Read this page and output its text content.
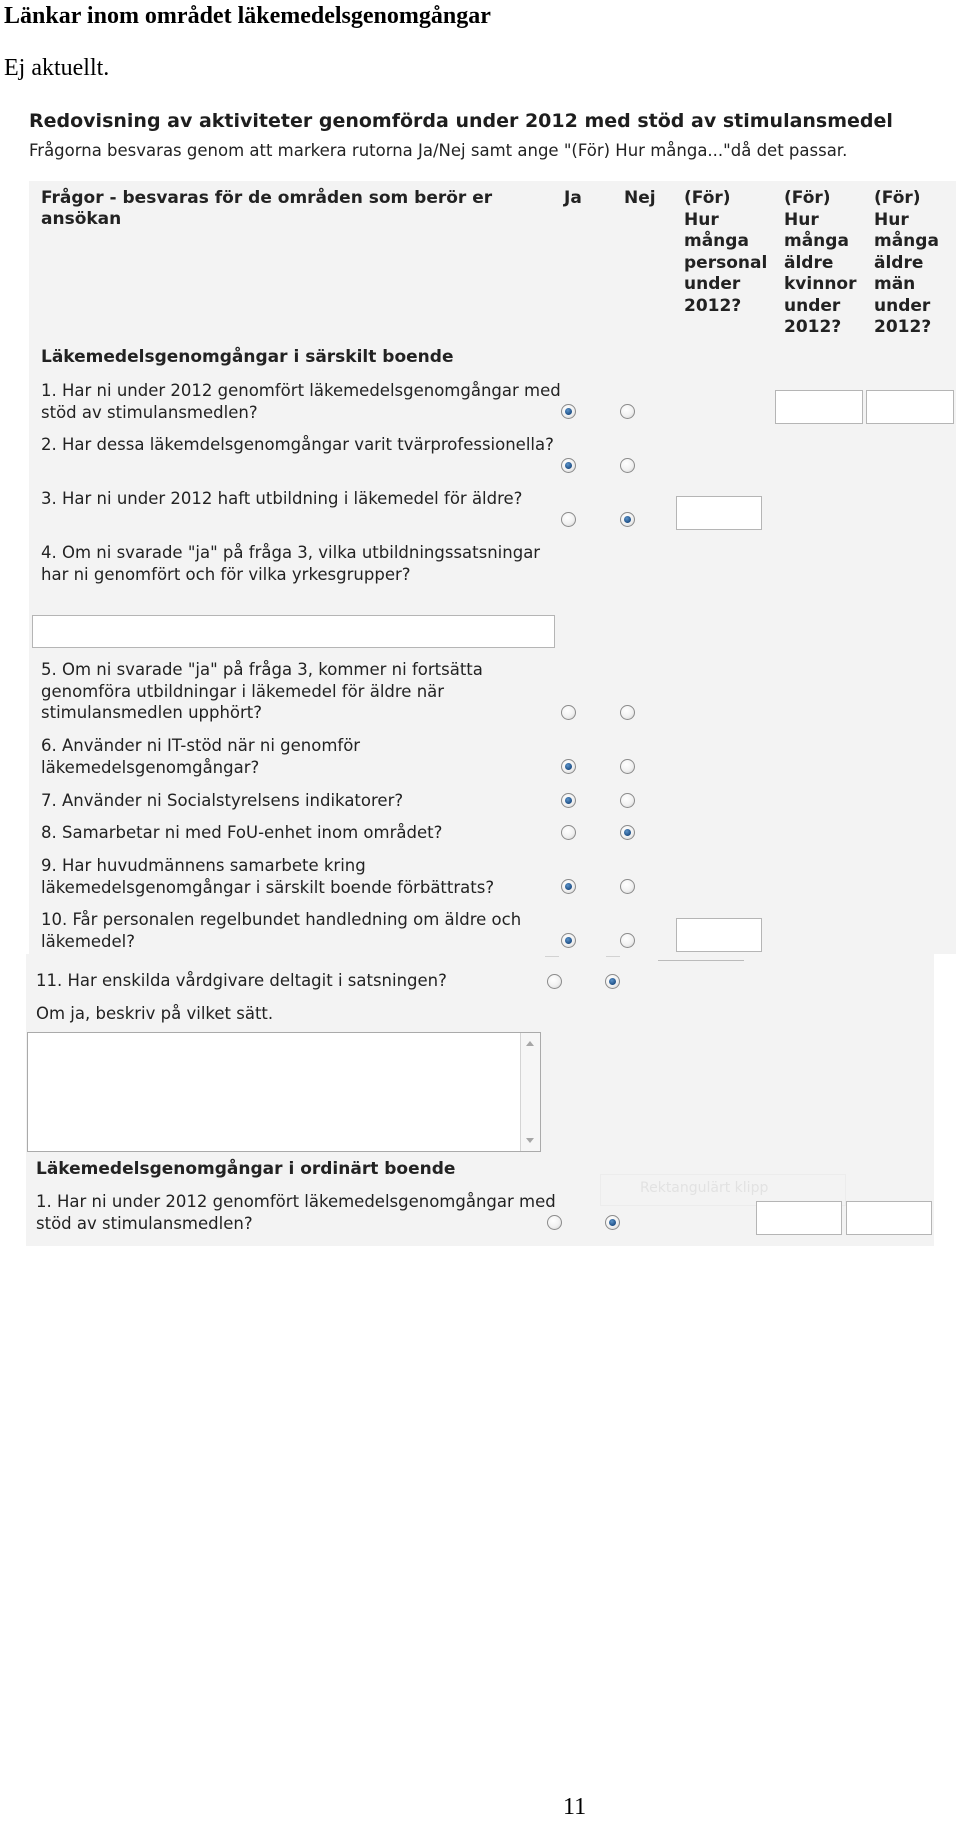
Länkar inom området läkemedelsgenomgångar

Ej aktuellt.

Redovisning av aktiviteter genomförda under 2012 med stöd av stimulansmedel
Frågorna besvaras genom att markera rutorna Ja/Nej samt ange "(För) Hur många..."då det passar.
Frågor - besvaras för de områden som berör er ansökan
Ja Nej (För)
Hur
många
personal
under
2012?
(För)
Hur
många
äldre
kvinnor
under
2012?
(För)
Hur
många
äldre
män
under
2012?
Läkemedelsgenomgångar i särskilt boende
1. Har ni under 2012 genomfört läkemedelsgenomgångar med stöd av stimulansmedlen?
2. Har dessa läkemdelsgenomgångar varit tvärprofessionella?
3. Har ni under 2012 haft utbildning i läkemedel för äldre?
4. Om ni svarade "ja" på fråga 3, vilka utbildningssatsningar har ni genomfört och för vilka yrkesgrupper?
5. Om ni svarade "ja" på fråga 3, kommer ni fortsätta genomföra utbildningar i läkemedel för äldre när stimulansmedlen upphört?
6. Använder ni IT-stöd när ni genomför läkemedelsgenomgångar?
7. Använder ni Socialstyrelsens indikatorer?
8. Samarbetar ni med FoU-enhet inom området?
9. Har huvudmännens samarbete kring läkemedelsgenomgångar i särskilt boende förbättrats?
10. Får personalen regelbundet handledning om äldre och läkemedel?
11. Har enskilda vårdgivare deltagit i satsningen?
Om ja, beskriv på vilket sätt.
Läkemedelsgenomgångar i ordinärt boende
Rektangulärt klipp
1. Har ni under 2012 genomfört läkemedelsgenomgångar med stöd av stimulansmedlen?
11
